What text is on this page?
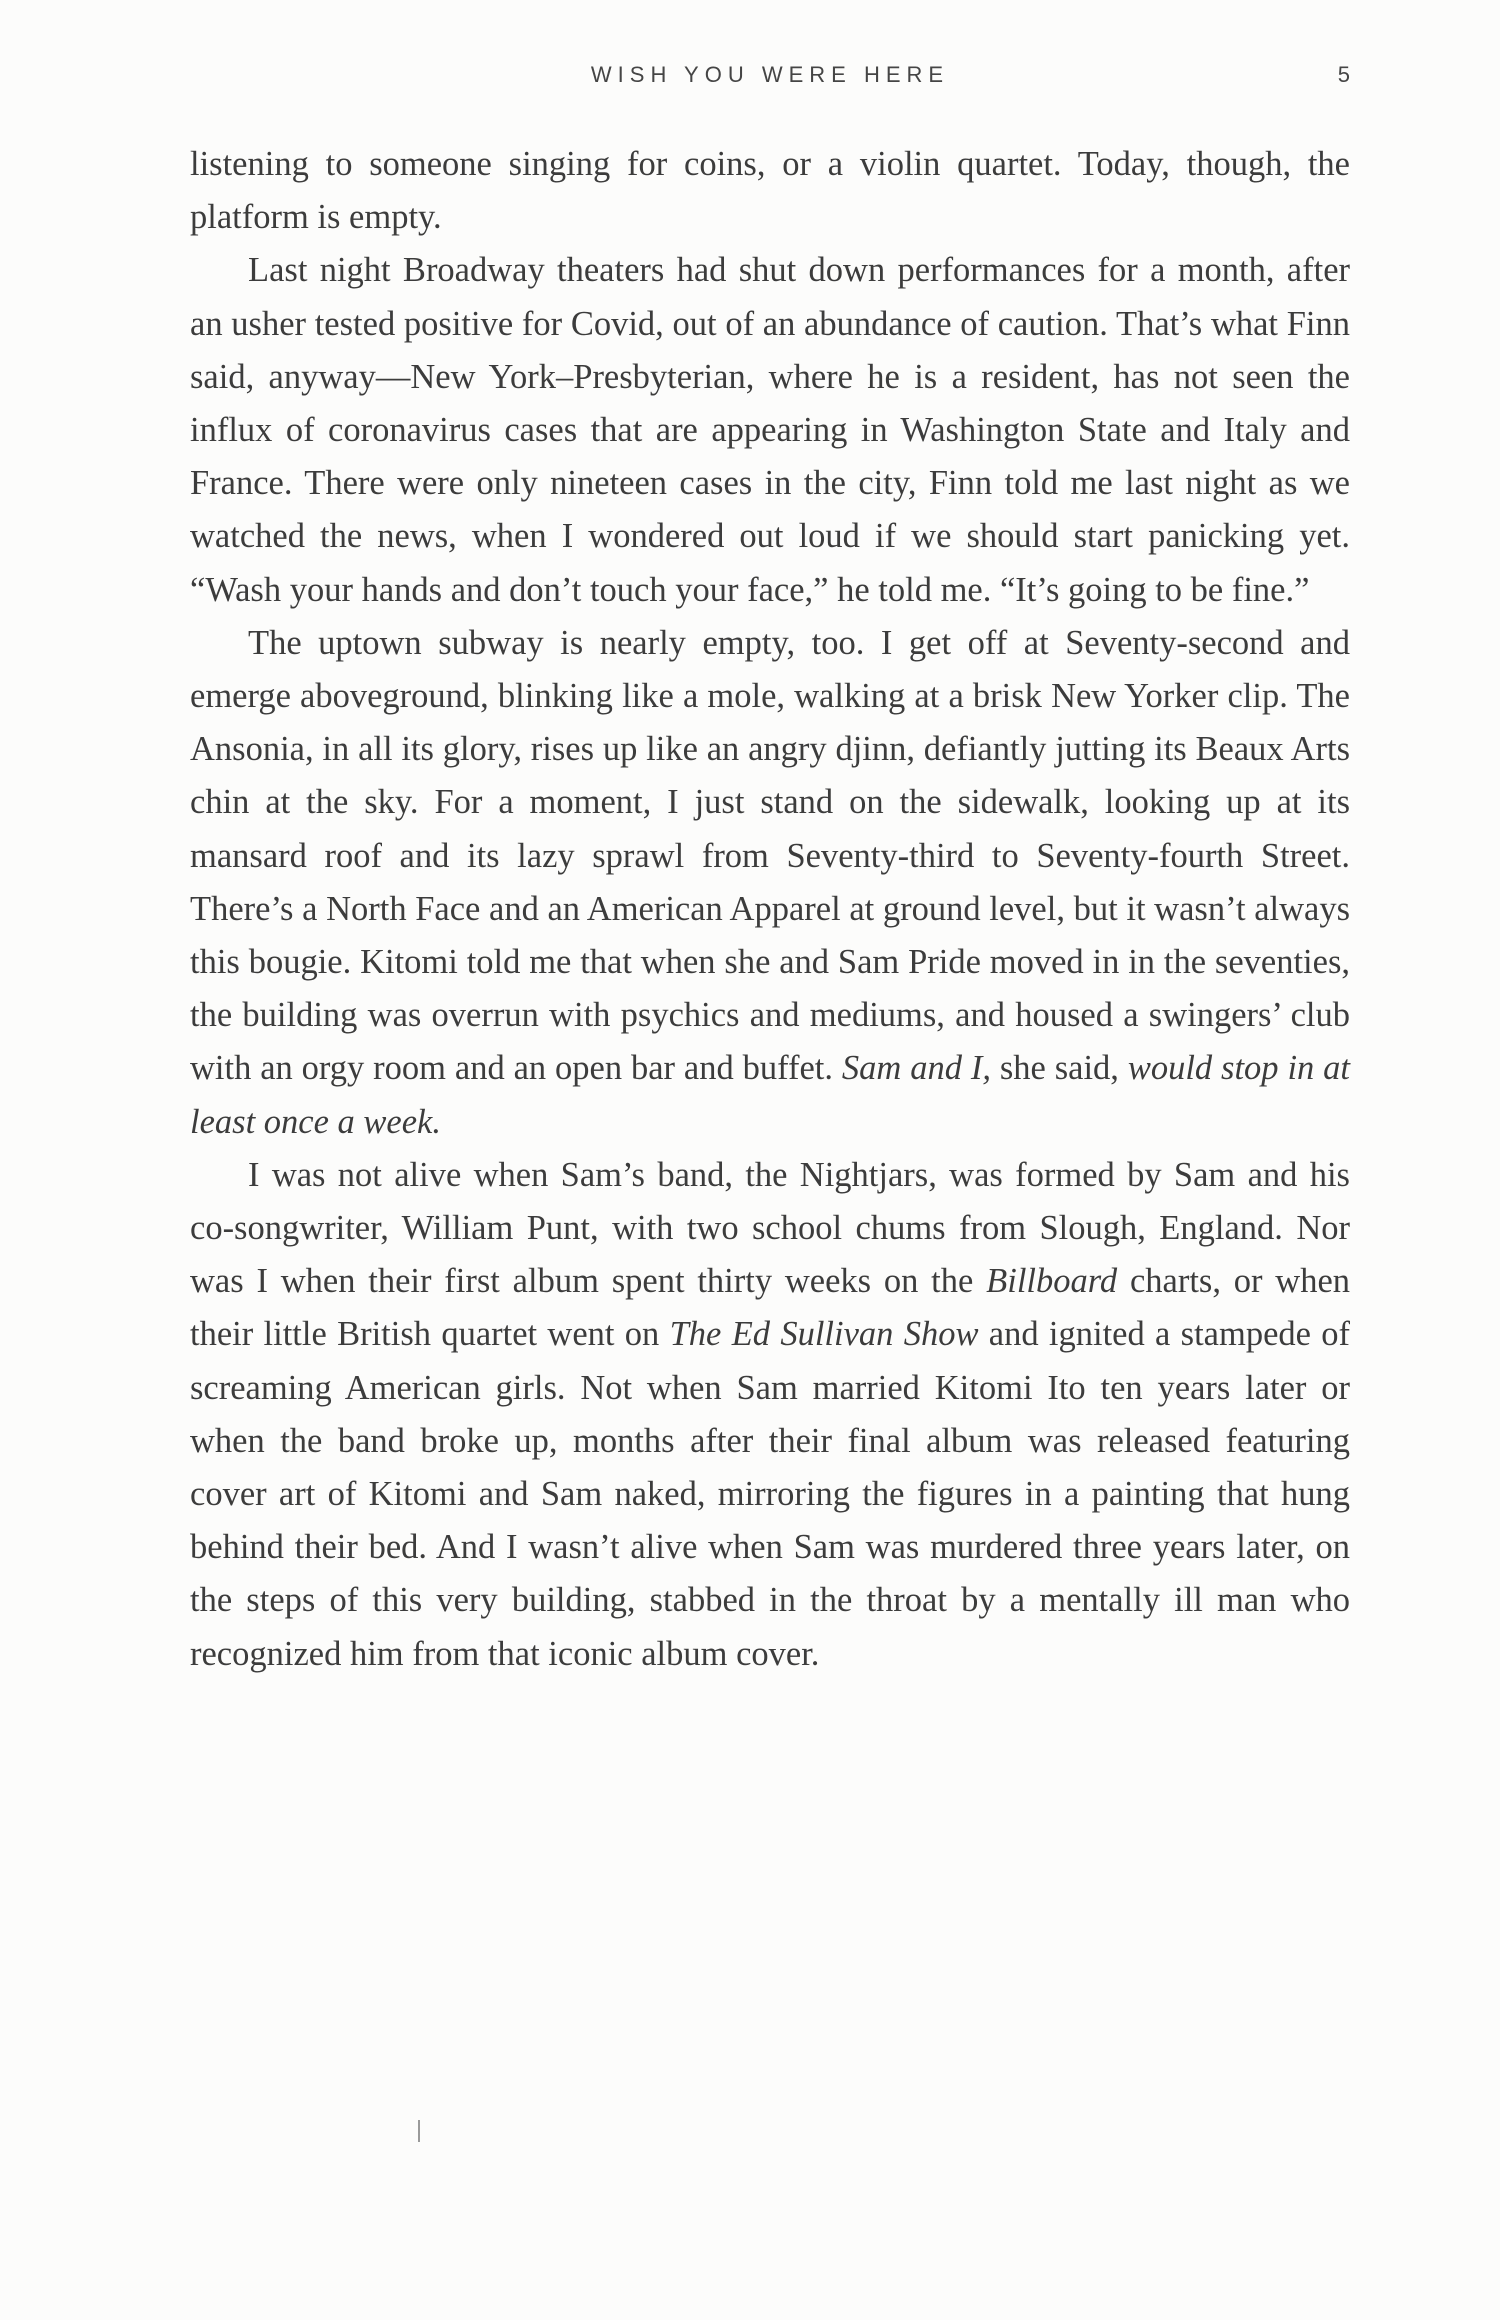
WISH YOU WERE HERE	5

listening to someone singing for coins, or a violin quartet. Today, though, the platform is empty.

Last night Broadway theaters had shut down performances for a month, after an usher tested positive for Covid, out of an abundance of caution. That’s what Finn said, anyway—New York–Presbyterian, where he is a resident, has not seen the influx of coronavirus cases that are appearing in Washington State and Italy and France. There were only nineteen cases in the city, Finn told me last night as we watched the news, when I wondered out loud if we should start panicking yet. “Wash your hands and don’t touch your face,” he told me. “It’s going to be fine.”

The uptown subway is nearly empty, too. I get off at Seventy-second and emerge aboveground, blinking like a mole, walking at a brisk New Yorker clip. The Ansonia, in all its glory, rises up like an angry djinn, defiantly jutting its Beaux Arts chin at the sky. For a moment, I just stand on the sidewalk, looking up at its mansard roof and its lazy sprawl from Seventy-third to Seventy-fourth Street. There’s a North Face and an American Apparel at ground level, but it wasn’t always this bougie. Kitomi told me that when she and Sam Pride moved in in the seventies, the building was overrun with psychics and mediums, and housed a swingers’ club with an orgy room and an open bar and buffet. Sam and I, she said, would stop in at least once a week.

I was not alive when Sam’s band, the Nightjars, was formed by Sam and his co-songwriter, William Punt, with two school chums from Slough, England. Nor was I when their first album spent thirty weeks on the Billboard charts, or when their little British quartet went on The Ed Sullivan Show and ignited a stampede of screaming American girls. Not when Sam married Kitomi Ito ten years later or when the band broke up, months after their final album was released featuring cover art of Kitomi and Sam naked, mirroring the figures in a painting that hung behind their bed. And I wasn’t alive when Sam was murdered three years later, on the steps of this very building, stabbed in the throat by a mentally ill man who recognized him from that iconic album cover.
